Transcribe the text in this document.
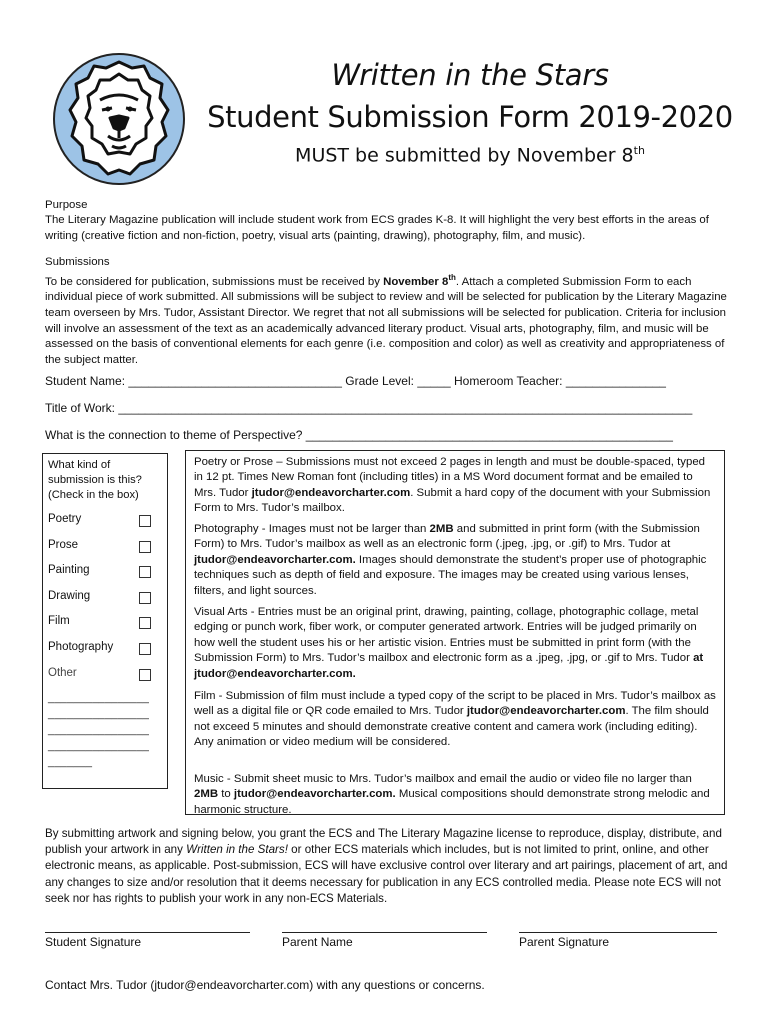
Written in the Stars
Student Submission Form 2019-2020
MUST be submitted by November 8th
Purpose
The Literary Magazine publication will include student work from ECS grades K-8. It will highlight the very best efforts in the areas of writing (creative fiction and non-fiction, poetry, visual arts (painting, drawing), photography, film, and music).
Submissions
To be considered for publication, submissions must be received by November 8th. Attach a completed Submission Form to each individual piece of work submitted. All submissions will be subject to review and will be selected for publication by the Literary Magazine team overseen by Mrs. Tudor, Assistant Director. We regret that not all submissions will be selected for publication. Criteria for inclusion will involve an assessment of the text as an academically advanced literary product. Visual arts, photography, film, and music will be assessed on the basis of conventional elements for each genre (i.e. composition and color) as well as creativity and appropriateness of the subject matter.
Student Name: ________________________________ Grade Level: _____ Homeroom Teacher: _______________
Title of Work: ______________________________________________________________________________________
What is the connection to theme of Perspective? _______________________________________________________
What kind of submission is this? (Check in the box)
Poetry
Prose
Painting
Drawing
Film
Photography
Other
________________
________________
________________
________________
_______
Poetry or Prose – Submissions must not exceed 2 pages in length and must be double-spaced, typed in 12 pt. Times New Roman font (including titles) in a MS Word document format and be emailed to Mrs. Tudor jtudor@endeavorcharter.com. Submit a hard copy of the document with your Submission Form to Mrs. Tudor’s mailbox.
Photography - Images must not be larger than 2MB and submitted in print form (with the Submission Form) to Mrs. Tudor’s mailbox as well as an electronic form (.jpeg, .jpg, or .gif) to Mrs. Tudor at jtudor@endeavorcharter.com. Images should demonstrate the student’s proper use of photographic techniques such as depth of field and exposure. The images may be created using various lenses, filters, and light sources.
Visual Arts - Entries must be an original print, drawing, painting, collage, photographic collage, metal edging or punch work, fiber work, or computer generated artwork. Entries will be judged primarily on how well the student uses his or her artistic vision. Entries must be submitted in print form (with the Submission Form) to Mrs. Tudor’s mailbox and electronic form as a .jpeg, .jpg, or .gif to Mrs. Tudor at jtudor@endeavorcharter.com.
Film - Submission of film must include a typed copy of the script to be placed in Mrs. Tudor’s mailbox as well as a digital file or QR code emailed to Mrs. Tudor jtudor@endeavorcharter.com. The film should not exceed 5 minutes and should demonstrate creative content and camera work (including editing). Any animation or video medium will be considered.
Music - Submit sheet music to Mrs. Tudor’s mailbox and email the audio or video file no larger than 2MB to jtudor@endeavorcharter.com. Musical compositions should demonstrate strong melodic and harmonic structure.
By submitting artwork and signing below, you grant the ECS and The Literary Magazine license to reproduce, display, distribute, and publish your artwork in any Written in the Stars! or other ECS materials which includes, but is not limited to print, online, and other electronic means, as applicable. Post-submission, ECS will have exclusive control over literary and art pairings, placement of art, and any changes to size and/or resolution that it deems necessary for publication in any ECS controlled media. Please note ECS will not seek nor has rights to publish your work in any non-ECS Materials.
Student Signature	Parent Name	Parent Signature
Contact Mrs. Tudor (jtudor@endeavorcharter.com) with any questions or concerns.
